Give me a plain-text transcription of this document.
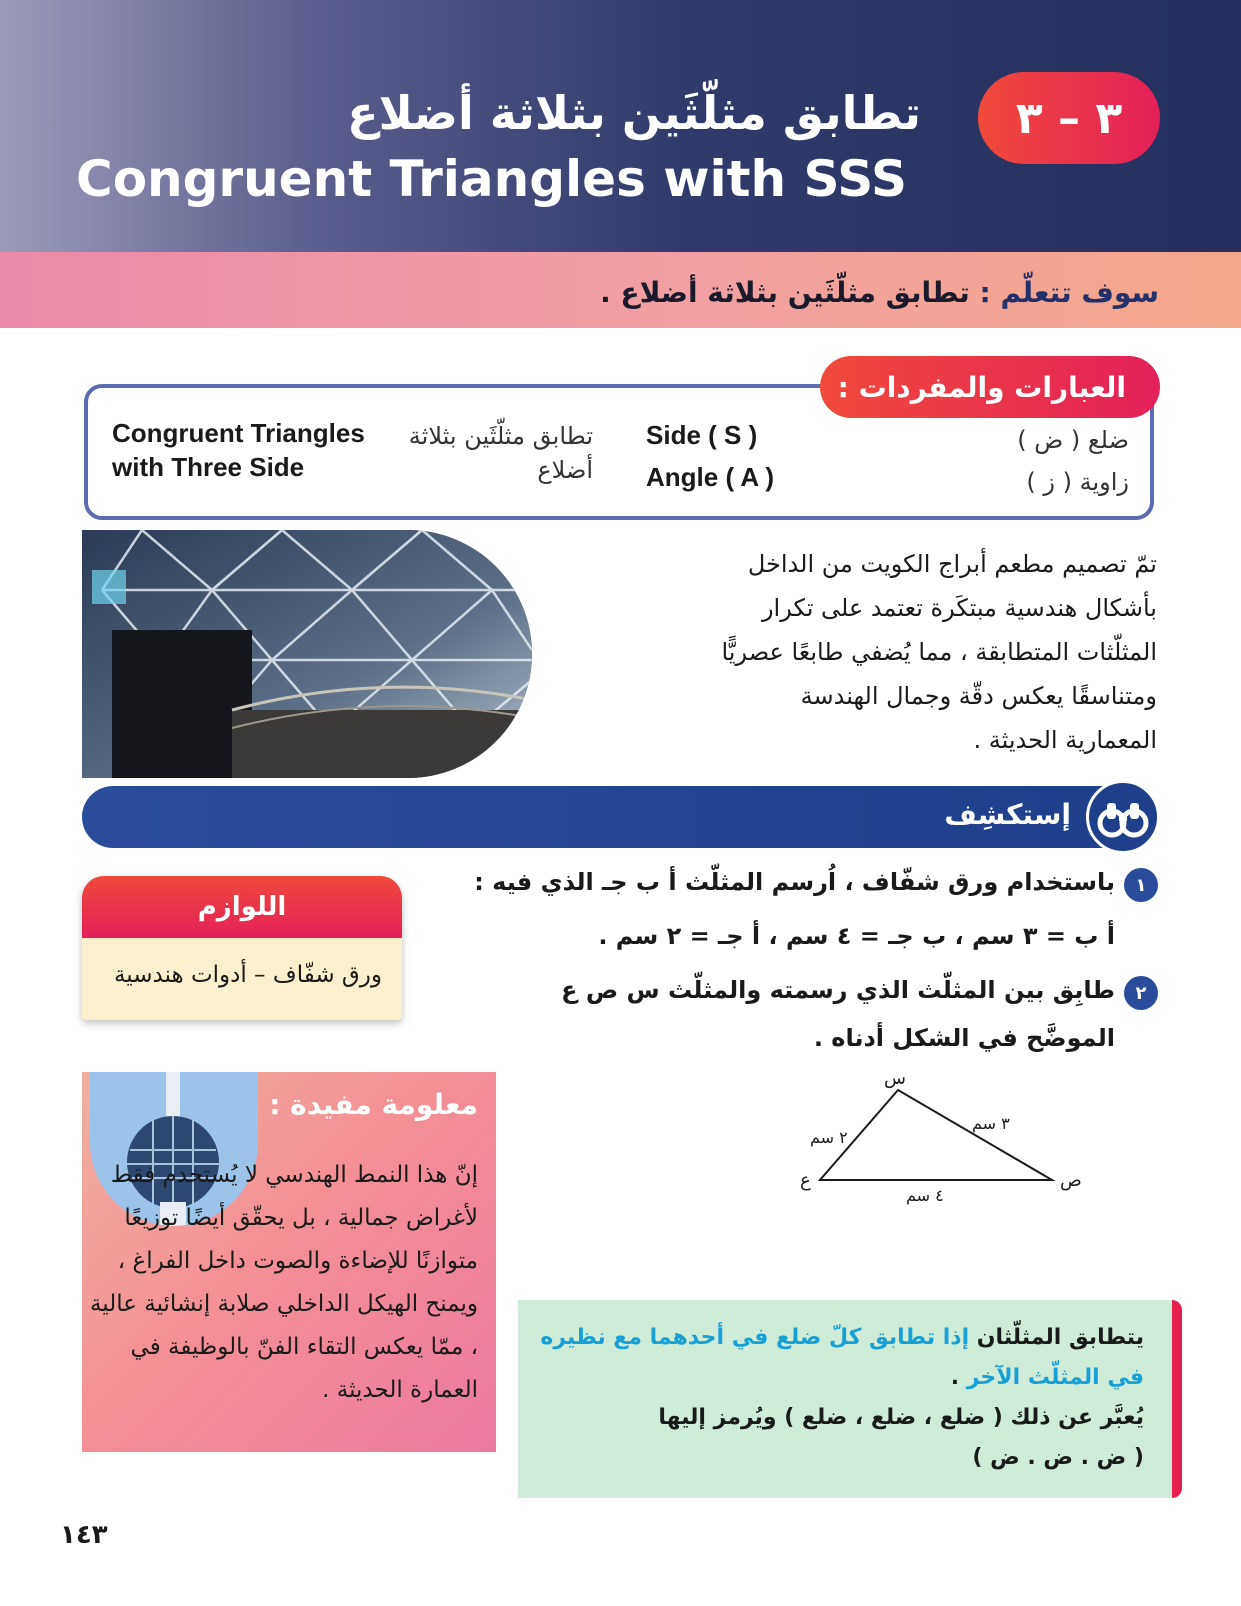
٣ – ٣
تطابق مثلّثَين بثلاثة أضلاع
Congruent Triangles with SSS
سوف تتعلّم : تطابق مثلّثَين بثلاثة أضلاع .
العبارات والمفردات :
Congruent Triangles
with Three Side
تطابق مثلّثَين بثلاثة
أضلاع
Side ( S )
Angle ( A )
ضلع ( ض )
زاوية ( ز )
تمّ تصميم مطعم أبراج الكويت من الداخل بأشكال هندسية مبتكَرة تعتمد على تكرار المثلّثات المتطابقة ، مما يُضفي طابعًا عصريًّا ومتناسقًا يعكس دقّة وجمال الهندسة المعمارية الحديثة .
إستكشِف
١
باستخدام ورق شفّاف ، اُرسم المثلّث أ ب جـ الذي فيه :
أ ب = ٣ سم ، ب جـ = ٤ سم ، أ جـ = ٢ سم .
٢
طابِق بين المثلّث الذي رسمته والمثلّث س ص ع
الموضَّح في الشكل أدناه .
اللوازم
ورق شفّاف – أدوات هندسية
س
ع	ص
٢ سم
٣ سم
٤ سم
معلومة مفيدة :
إنّ هذا النمط الهندسي لا يُستخدم فقط لأغراض جمالية ، بل يحقّق أيضًا توزيعًا متوازنًا للإضاءة والصوت داخل الفراغ ، ويمنح الهيكل الداخلي صلابة إنشائية عالية ، ممّا يعكس التقاء الفنّ بالوظيفة في العمارة الحديثة .
يتطابق المثلّثان إذا تطابق كلّ ضلع في أحدهما مع نظيره في المثلّث الآخر .
يُعبَّر عن ذلك ( ضلع ، ضلع ، ضلع ) ويُرمز إليها
( ض . ض . ض )
١٤٣
